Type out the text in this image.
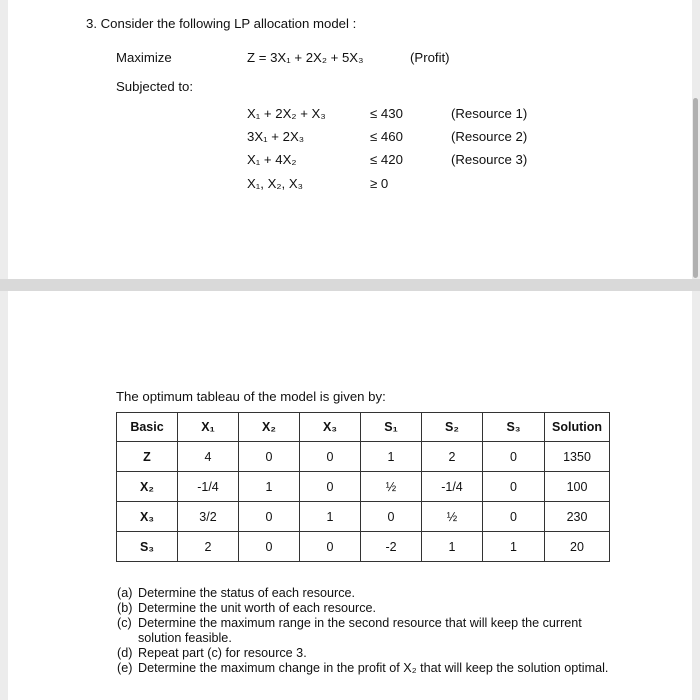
3. Consider the following LP allocation model :
Maximize	Z = 3X₁ + 2X₂ + 5X₃	(Profit)
Subjected to:
X₁ + 2X₂ + X₃	≤ 430	(Resource 1)
3X₁ + 2X₃	≤ 460	(Resource 2)
X₁ + 4X₂	≤ 420	(Resource 3)
X₁, X₂, X₃	≥ 0
The optimum tableau of the model is given by:
Basic	X₁	X₂	X₃	S₁	S₂	S₃	Solution
Z	4	0	0	1	2	0	1350
X₂	-1/4	1	0	½	-1/4	0	100
X₃	3/2	0	1	0	½	0	230
S₃	2	0	0	-2	1	1	20
(a) Determine the status of each resource.
(b) Determine the unit worth of each resource.
(c) Determine the maximum range in the second resource that will keep the current solution feasible.
(d) Repeat part (c) for resource 3.
(e) Determine the maximum change in the profit of X₂ that will keep the solution optimal.
